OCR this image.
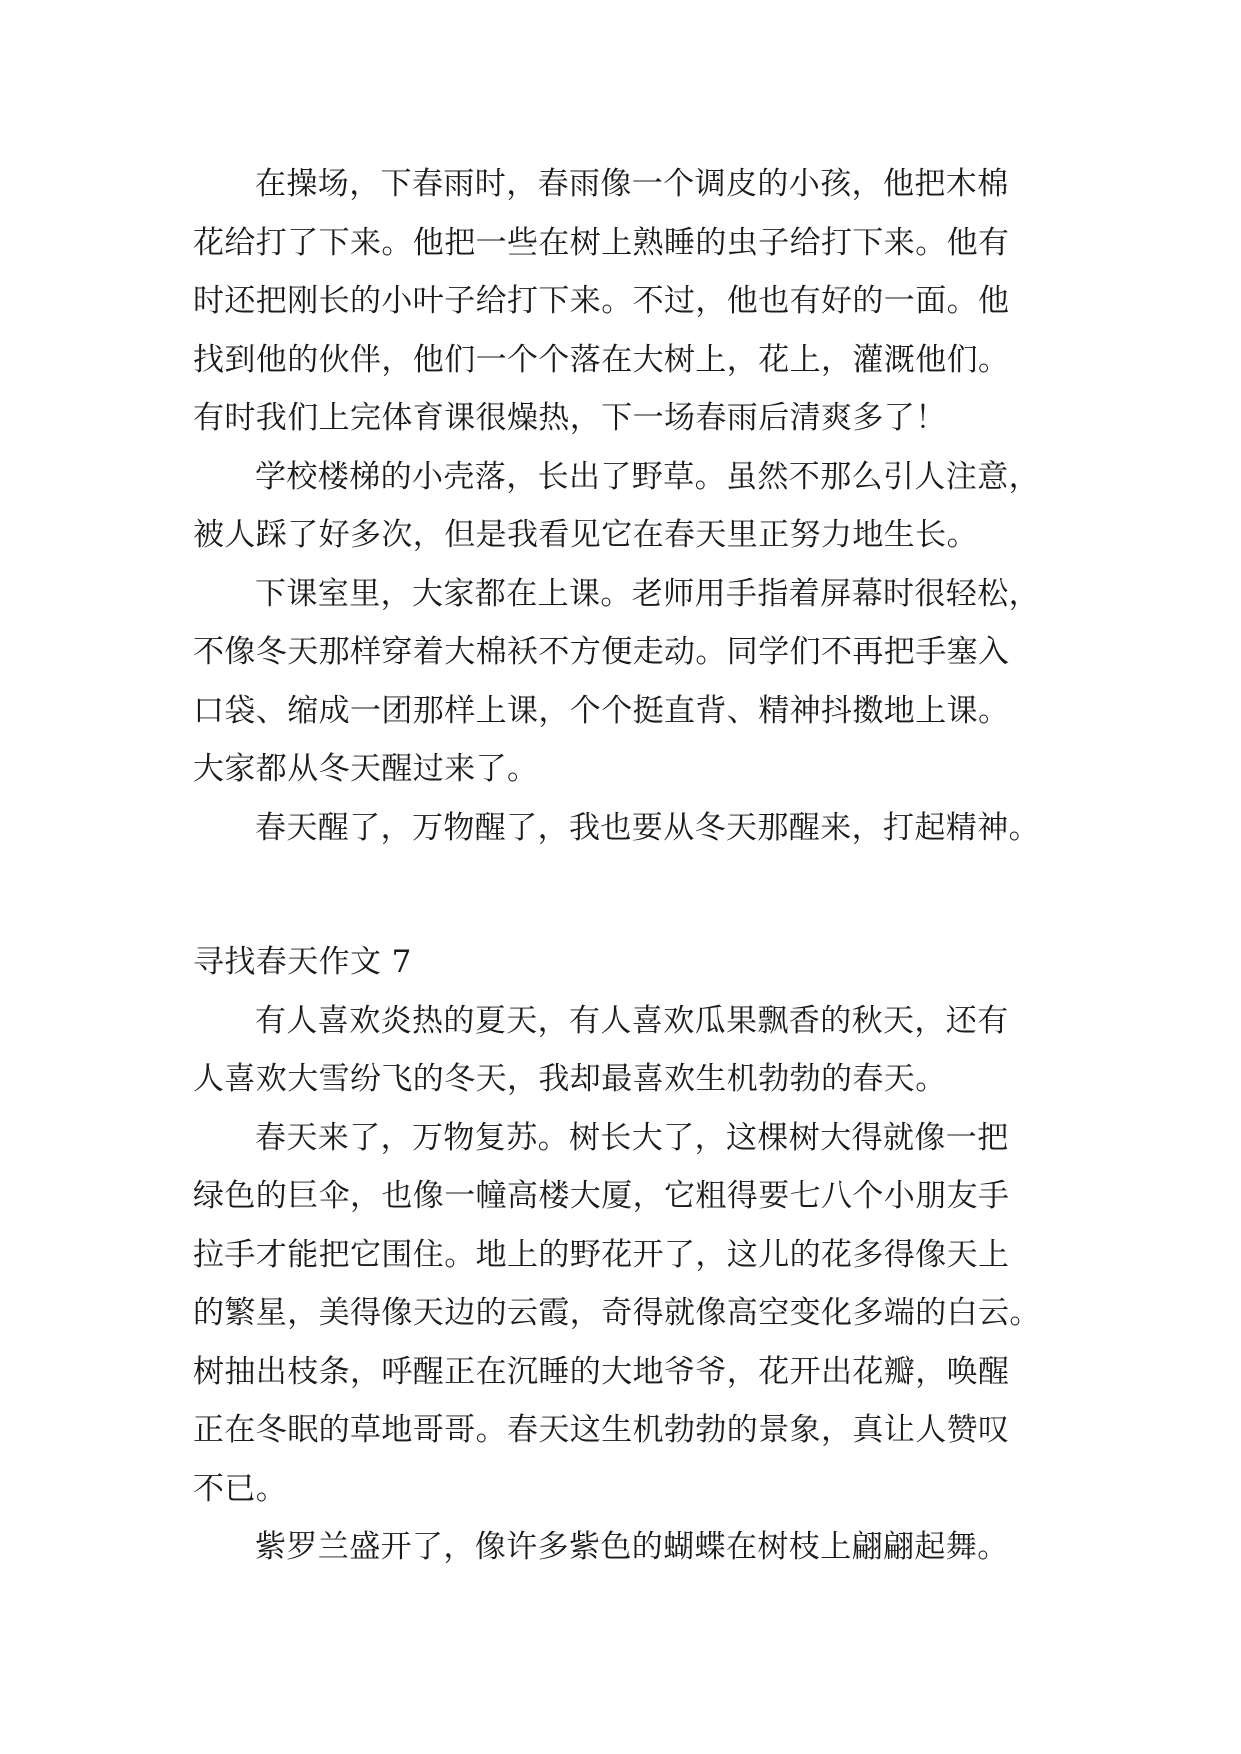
在操场，下春雨时，春雨像一个调皮的小孩，他把木棉
花给打了下来。他把一些在树上熟睡的虫子给打下来。他有
时还把刚长的小叶子给打下来。不过，他也有好的一面。他
找到他的伙伴，他们一个个落在大树上，花上，灌溉他们。
有时我们上完体育课很燥热，下一场春雨后清爽多了！
学校楼梯的小壳落，长出了野草。虽然不那么引人注意，
被人踩了好多次，但是我看见它在春天里正努力地生长。
下课室里，大家都在上课。老师用手指着屏幕时很轻松，
不像冬天那样穿着大棉袄不方便走动。同学们不再把手塞入
口袋、缩成一团那样上课，个个挺直背、精神抖擞地上课。
大家都从冬天醒过来了。
春天醒了，万物醒了，我也要从冬天那醒来，打起精神。
寻找春天作文 7
有人喜欢炎热的夏天，有人喜欢瓜果飘香的秋天，还有
人喜欢大雪纷飞的冬天，我却最喜欢生机勃勃的春天。
春天来了，万物复苏。树长大了，这棵树大得就像一把
绿色的巨伞，也像一幢高楼大厦，它粗得要七八个小朋友手
拉手才能把它围住。地上的野花开了，这儿的花多得像天上
的繁星，美得像天边的云霞，奇得就像高空变化多端的白云。
树抽出枝条，呼醒正在沉睡的大地爷爷，花开出花瓣，唤醒
正在冬眠的草地哥哥。春天这生机勃勃的景象，真让人赞叹
不已。
紫罗兰盛开了，像许多紫色的蝴蝶在树枝上翩翩起舞。
